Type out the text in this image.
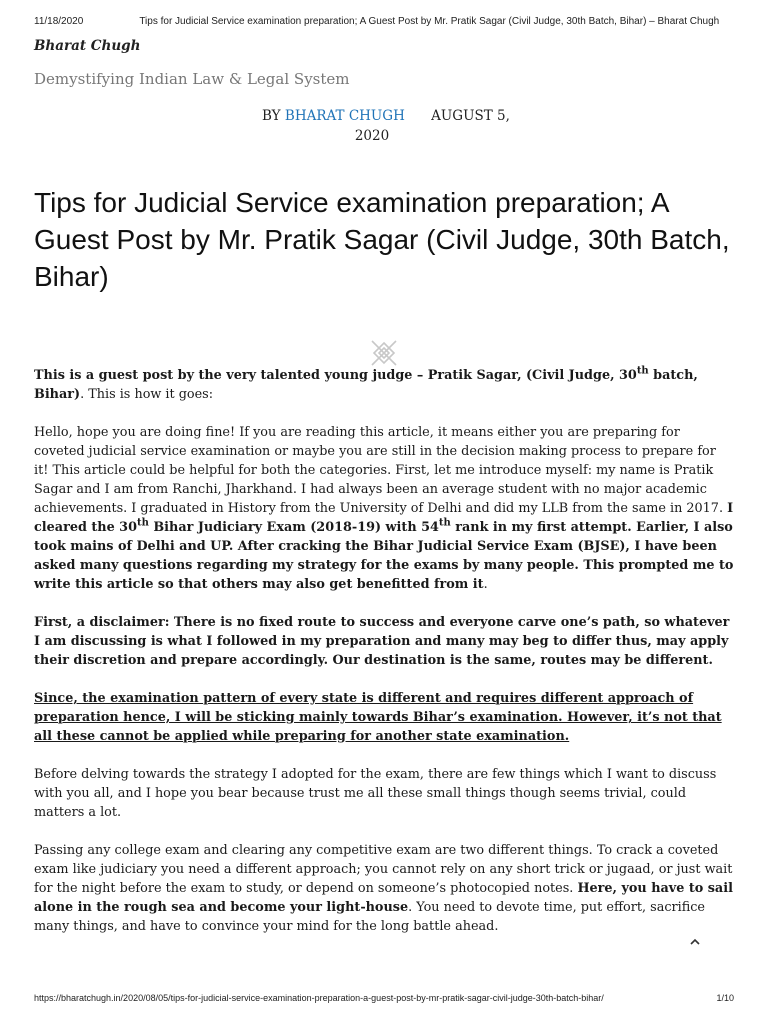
11/18/2020	Tips for Judicial Service examination preparation; A Guest Post by Mr. Pratik Sagar (Civil Judge, 30th Batch, Bihar) – Bharat Chugh
Bharat Chugh
Demystifying Indian Law & Legal System
BY BHARAT CHUGH AUGUST 5,
2020
Tips for Judicial Service examination preparation; A Guest Post by Mr. Pratik Sagar (Civil Judge, 30th Batch, Bihar)

This is a guest post by the very talented young judge – Pratik Sagar, (Civil Judge, 30th batch, Bihar). This is how it goes:

Hello, hope you are doing fine! If you are reading this article, it means either you are preparing for coveted judicial service examination or maybe you are still in the decision making process to prepare for it! This article could be helpful for both the categories. First, let me introduce myself: my name is Pratik Sagar and I am from Ranchi, Jharkhand. I had always been an average student with no major academic achievements. I graduated in History from the University of Delhi and did my LLB from the same in 2017. I cleared the 30th Bihar Judiciary Exam (2018-19) with 54th rank in my first attempt. Earlier, I also took mains of Delhi and UP. After cracking the Bihar Judicial Service Exam (BJSE), I have been asked many questions regarding my strategy for the exams by many people. This prompted me to write this article so that others may also get benefitted from it.

First, a disclaimer: There is no fixed route to success and everyone carve one’s path, so whatever I am discussing is what I followed in my preparation and many may beg to differ thus, may apply their discretion and prepare accordingly. Our destination is the same, routes may be different.

Since, the examination pattern of every state is different and requires different approach of preparation hence, I will be sticking mainly towards Bihar’s examination. However, it’s not that all these cannot be applied while preparing for another state examination.

Before delving towards the strategy I adopted for the exam, there are few things which I want to discuss with you all, and I hope you bear because trust me all these small things though seems trivial, could matters a lot.

Passing any college exam and clearing any competitive exam are two different things. To crack a coveted exam like judiciary you need a different approach; you cannot rely on any short trick or jugaad, or just wait for the night before the exam to study, or depend on someone’s photocopied notes. Here, you have to sail alone in the rough sea and become your light-house. You need to devote time, put effort, sacrifice many things, and have to convince your mind for the long battle ahead.

https://bharatchugh.in/2020/08/05/tips-for-judicial-service-examination-preparation-a-guest-post-by-mr-pratik-sagar-civil-judge-30th-batch-bihar/	1/10
